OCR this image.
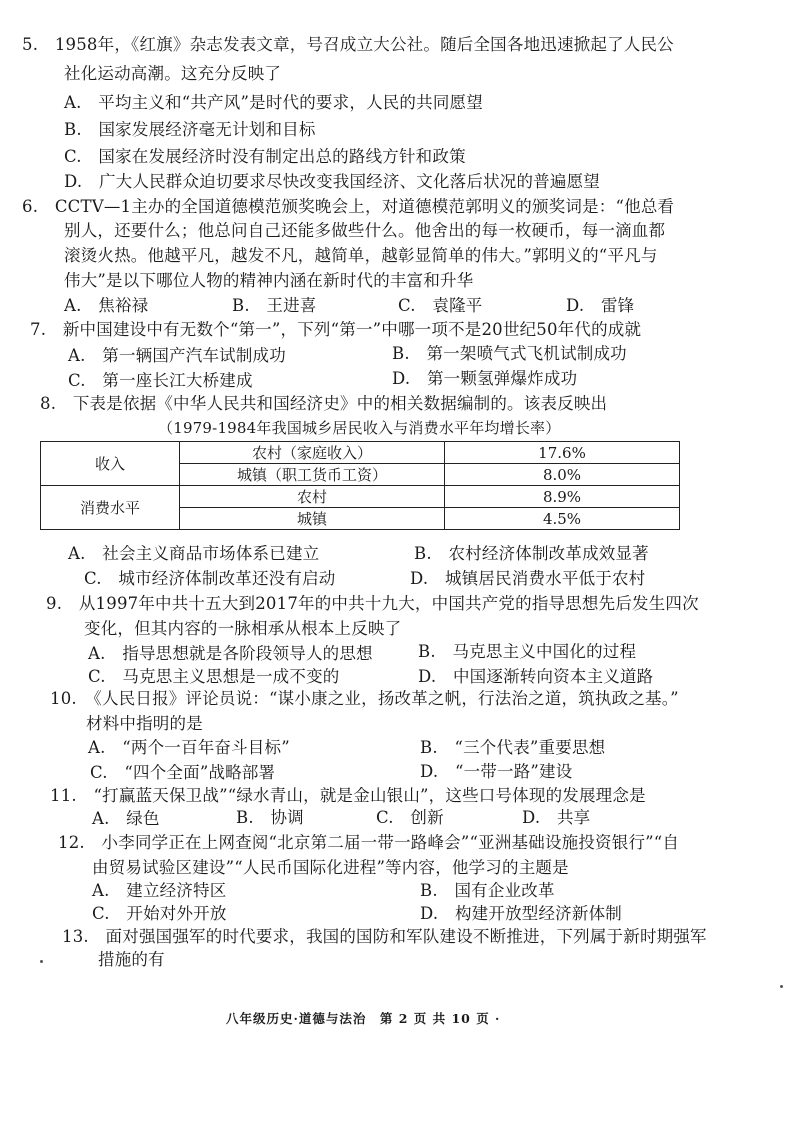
5.　1958年，《红旗》杂志发表文章，号召成立大公社。随后全国各地迅速掀起了人民公
社化运动高潮。这充分反映了
A.　平均主义和“共产风”是时代的要求，人民的共同愿望
B.　国家发展经济毫无计划和目标
C.　国家在发展经济时没有制定出总的路线方针和政策
D.　广大人民群众迫切要求尽快改变我国经济、文化落后状况的普遍愿望
6.　CCTV—1主办的全国道德模范颁奖晚会上，对道德模范郭明义的颁奖词是：“他总看
别人，还要什么；他总问自己还能多做些什么。他舍出的每一枚硬币，每一滴血都
滚烫火热。他越平凡，越发不凡，越简单，越彰显简单的伟大。”郭明义的“平凡与
伟大”是以下哪位人物的精神内涵在新时代的丰富和升华
A.　焦裕禄	B.　王进喜	C.　袁隆平	D.　雷锋
7.　新中国建设中有无数个“第一”，下列“第一”中哪一项不是20世纪50年代的成就
A.　第一辆国产汽车试制成功	B.　第一架喷气式飞机试制成功
C.　第一座长江大桥建成	D.　第一颗氢弹爆炸成功
8.　下表是依据《中华人民共和国经济史》中的相关数据编制的。该表反映出
（1979-1984年我国城乡居民收入与消费水平年均增长率）
收入	农村（家庭收入）	17.6%
	城镇（职工货币工资）	8.0%
消费水平	农村	8.9%
	城镇	4.5%
A.　社会主义商品市场体系已建立	B.　农村经济体制改革成效显著
C.　城市经济体制改革还没有启动	D.　城镇居民消费水平低于农村
9.　从1997年中共十五大到2017年的中共十九大，中国共产党的指导思想先后发生四次
变化，但其内容的一脉相承从根本上反映了
A.　指导思想就是各阶段领导人的思想	B.　马克思主义中国化的过程
C.　马克思主义思想是一成不变的	D.　中国逐渐转向资本主义道路
10.　《人民日报》评论员说：“谋小康之业，扬改革之帆，行法治之道，筑执政之基。”
材料中指明的是
A.　“两个一百年奋斗目标”	B.　“三个代表”重要思想
C.　“四个全面”战略部署	D.　“一带一路”建设
11.　“打赢蓝天保卫战”“绿水青山，就是金山银山”，这些口号体现的发展理念是
A.　绿色	B.　协调	C.　创新	D.　共享
12.　小李同学正在上网查阅“北京第二届一带一路峰会”“亚洲基础设施投资银行”“自
由贸易试验区建设”“人民币国际化进程”等内容，他学习的主题是
A.　建立经济特区	B.　国有企业改革
C.　开始对外开放	D.　构建开放型经济新体制
13.　面对强国强军的时代要求，我国的国防和军队建设不断推进，下列属于新时期强军
措施的有
八年级历史·道德与法治　第 2 页 共 10 页 ·
